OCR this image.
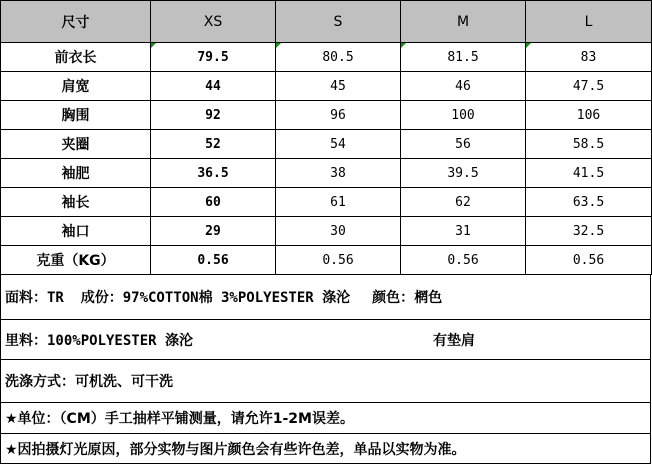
尺寸	XS	S	M	L
前衣长	79.5	80.5	81.5	83
肩宽	44	45	46	47.5
胸围	92	96	100	106
夹圈	52	54	56	58.5
袖肥	36.5	38	39.5	41.5
袖长	60	61	62	63.5
袖口	29	30	31	32.5
克重（KG）	0.56	0.56	0.56	0.56
面料：TR  成份：97%COTTON棉 3%POLYESTER 涤沦 颜色：棢色
里料：100%POLYESTER 涤沦	有垫肩
洗涤方式：可机洗、可干洗
★单位：（CM）手工抽样平铺测量，请允许1-2M误差。
★因拍摄灯光原因，部分实物与图片颜色会有些许色差，单品以实物为准。
